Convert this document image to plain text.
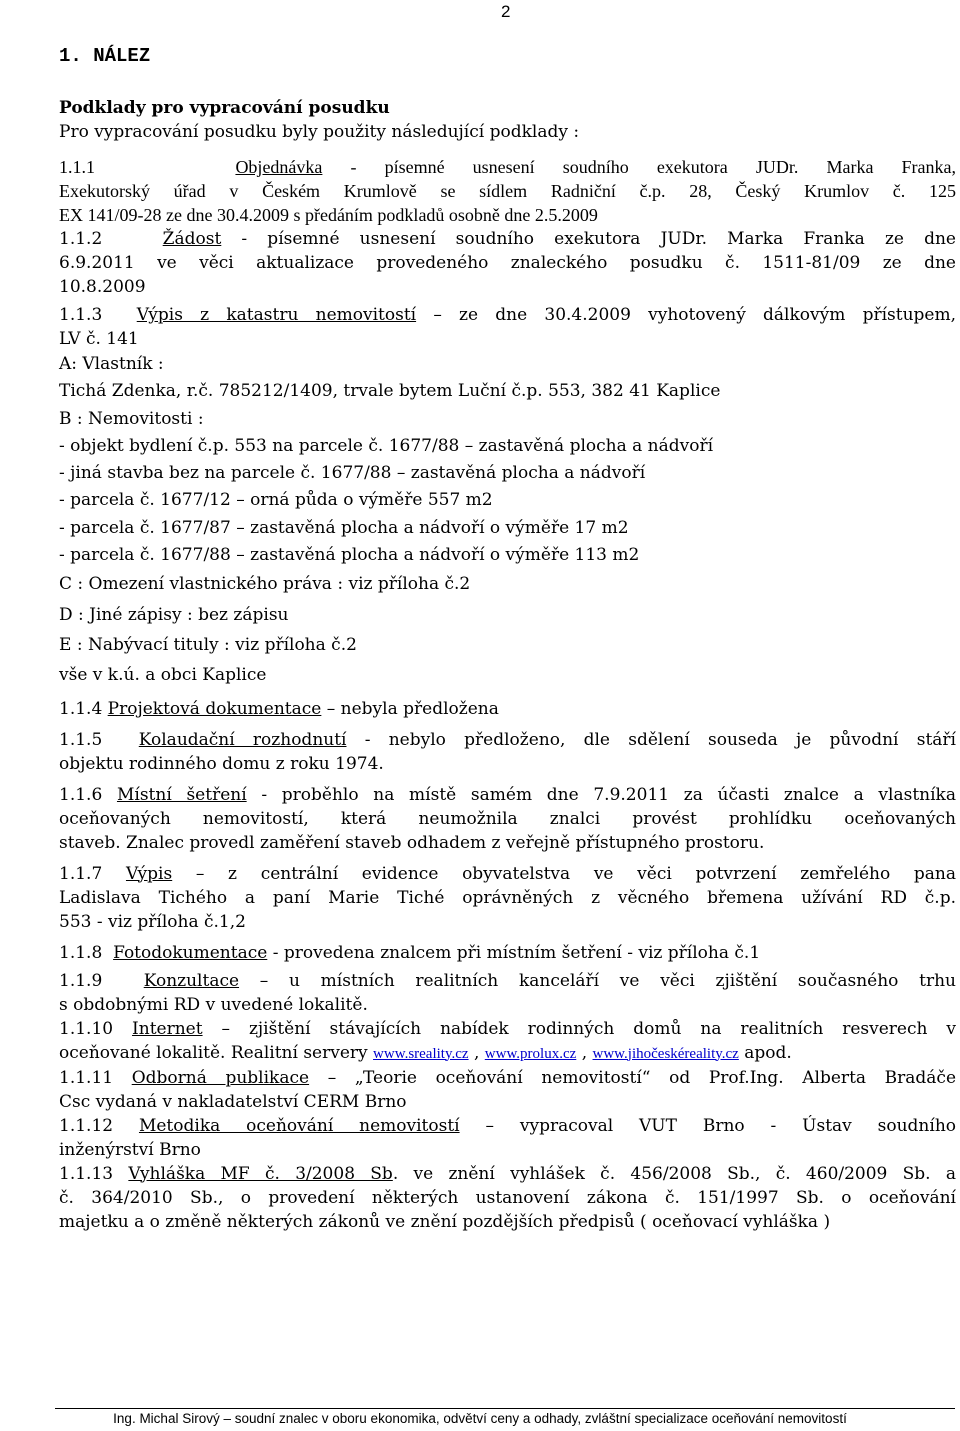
2
1. NÁLEZ
Podklady pro vypracování posudku
Pro vypracování posudku byly použity následující podklady :
1.1.1	Objednávka - písemné usnesení soudního exekutora JUDr. Marka Franka,
Exekutorský úřad v Českém Krumlově se sídlem Radniční č.p. 28, Český Krumlov č. 125
EX 141/09-28 ze dne 30.4.2009 s předáním podkladů osobně dne 2.5.2009
1.1.2	Žádost - písemné usnesení soudního exekutora JUDr. Marka Franka ze dne
6.9.2011 ve věci aktualizace provedeného znaleckého posudku č. 1511-81/09 ze dne
10.8.2009
1.1.3 Výpis z katastru nemovitostí – ze dne 30.4.2009 vyhotovený dálkovým přístupem,
LV č. 141
A: Vlastník :
Tichá Zdenka, r.č. 785212/1409, trvale bytem Luční č.p. 553, 382 41 Kaplice
B : Nemovitosti :
- objekt bydlení č.p. 553 na parcele č. 1677/88 – zastavěná plocha a nádvoří
- jiná stavba bez na parcele č. 1677/88 – zastavěná plocha a nádvoří
- parcela č. 1677/12 – orná půda o výměře 557 m2
- parcela č. 1677/87 – zastavěná plocha a nádvoří o výměře 17 m2
- parcela č. 1677/88 – zastavěná plocha a nádvoří o výměře 113 m2
C : Omezení vlastnického práva : viz příloha č.2
D : Jiné zápisy : bez zápisu
E : Nabývací tituly : viz příloha č.2
vše v k.ú. a obci Kaplice
1.1.4 Projektová dokumentace – nebyla předložena
1.1.5 Kolaudační rozhodnutí - nebylo předloženo, dle sdělení souseda je původní stáří
objektu rodinného domu z roku 1974.
1.1.6 Místní šetření - proběhlo na místě samém dne 7.9.2011 za účasti znalce a vlastníka
oceňovaných nemovitostí, která neumožnila znalci provést prohlídku oceňovaných
staveb. Znalec provedl zaměření staveb odhadem z veřejně přístupného prostoru.
1.1.7 Výpis – z centrální evidence obyvatelstva ve věci potvrzení zemřelého pana
Ladislava Tichého a paní Marie Tiché oprávněných z věcného břemena užívání RD č.p.
553 - viz příloha č.1,2
1.1.8 Fotodokumentace - provedena znalcem při místním šetření - viz příloha č.1
1.1.9 Konzultace – u místních realitních kanceláří ve věci zjištění současného trhu
s obdobnými RD v uvedené lokalitě.
1.1.10 Internet – zjištění stávajících nabídek rodinných domů na realitních resverech v
oceňované lokalitě. Realitní servery www.sreality.cz , www.prolux.cz , www.jihočeskéreality.cz apod.
1.1.11 Odborná publikace – „Teorie oceňování nemovitostí“ od Prof.Ing. Alberta Bradáče
Csc vydaná v nakladatelství CERM Brno
1.1.12 Metodika oceňování nemovitostí – vypracoval VUT Brno - Ústav soudního
inženýrství Brno
1.1.13 Vyhláška MF č. 3/2008 Sb. ve znění vyhlášek č. 456/2008 Sb., č. 460/2009 Sb. a
č. 364/2010 Sb., o provedení některých ustanovení zákona č. 151/1997 Sb. o oceňování
majetku a o změně některých zákonů ve znění pozdějších předpisů ( oceňovací vyhláška )
Ing. Michal Sirový – soudní znalec v oboru ekonomika, odvětví ceny a odhady, zvláštní specializace oceňování nemovitostí
